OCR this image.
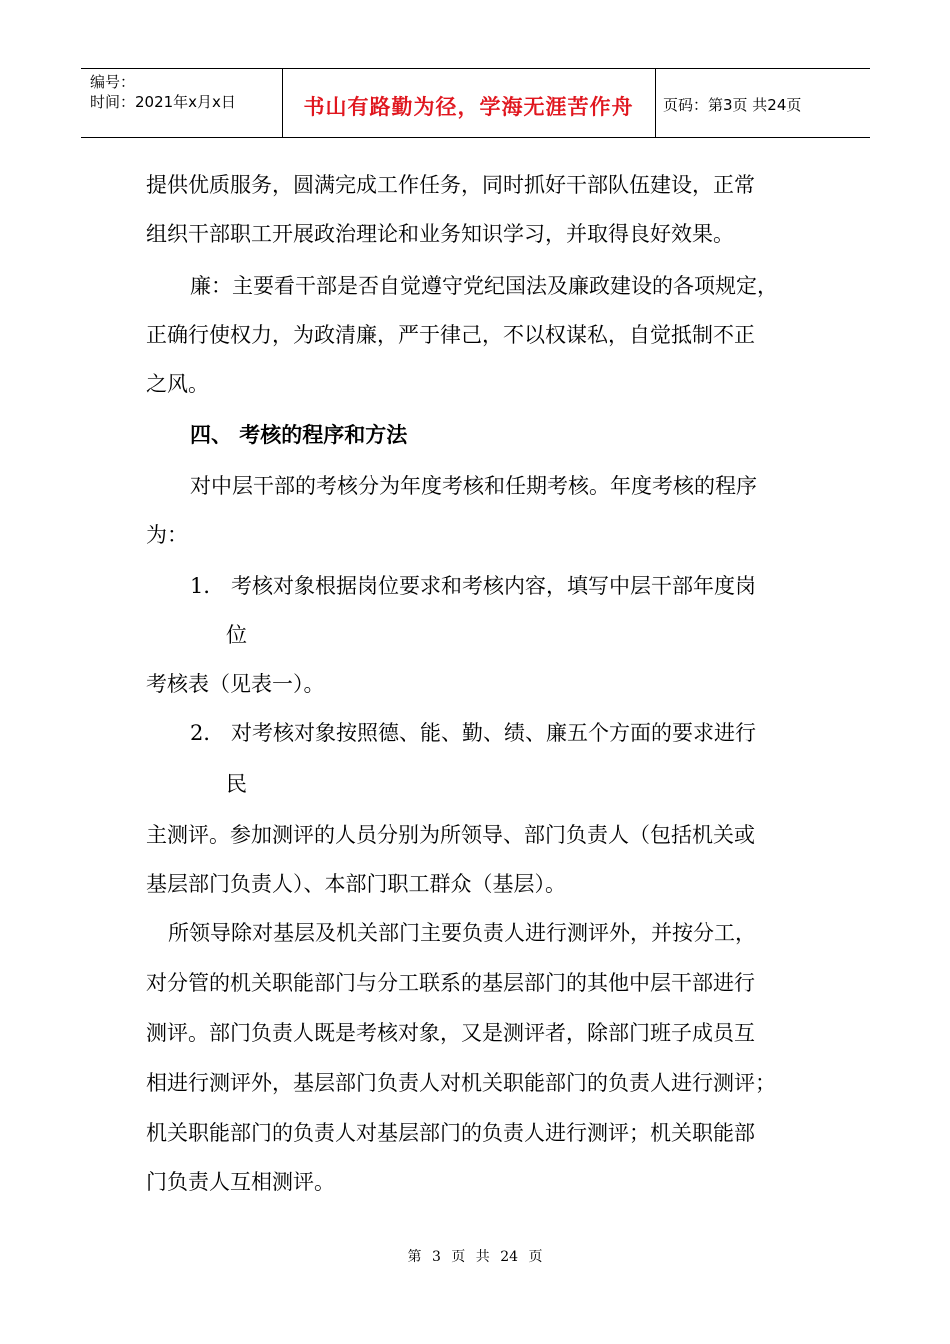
编号：
时间：2021年x月x日	书山有路勤为径，学海无涯苦作舟	页码：第3页 共24页
提供优质服务，圆满完成工作任务，同时抓好干部队伍建设，正常
组织干部职工开展政治理论和业务知识学习，并取得良好效果。
廉：主要看干部是否自觉遵守党纪国法及廉政建设的各项规定，
正确行使权力，为政清廉，严于律己，不以权谋私，自觉抵制不正
之风。
四、 考核的程序和方法
对中层干部的考核分为年度考核和任期考核。年度考核的程序
为：
1． 考核对象根据岗位要求和考核内容，填写中层干部年度岗
位
考核表（见表一）。
2． 对考核对象按照德、能、勤、绩、廉五个方面的要求进行
民
主测评。参加测评的人员分别为所领导、部门负责人（包括机关或
基层部门负责人）、本部门职工群众（基层）。
所领导除对基层及机关部门主要负责人进行测评外，并按分工，
对分管的机关职能部门与分工联系的基层部门的其他中层干部进行
测评。部门负责人既是考核对象，又是测评者，除部门班子成员互
相进行测评外，基层部门负责人对机关职能部门的负责人进行测评；
机关职能部门的负责人对基层部门的负责人进行测评；机关职能部
门负责人互相测评。
第 3 页 共 24 页
